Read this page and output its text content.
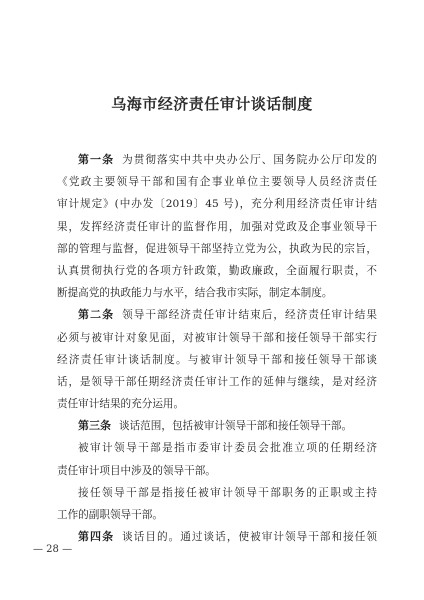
乌海市经济责任审计谈话制度
第一条 为贯彻落实中共中央办公厅、国务院办公厅印发的
《党政主要领导干部和国有企事业单位主要领导人员经济责任
审计规定》(中办发〔2019〕45 号)，充分利用经济责任审计结
果，发挥经济责任审计的监督作用，加强对党政及企事业领导干
部的管理与监督，促进领导干部坚持立党为公，执政为民的宗旨，
认真贯彻执行党的各项方针政策，勤政廉政，全面履行职责，不
断提高党的执政能力与水平，结合我市实际，制定本制度。
第二条 领导干部经济责任审计结束后，经济责任审计结果
必须与被审计对象见面，对被审计领导干部和接任领导干部实行
经济责任审计谈话制度。与被审计领导干部和接任领导干部谈
话，是领导干部任期经济责任审计工作的延伸与继续，是对经济
责任审计结果的充分运用。
第三条 谈话范围，包括被审计领导干部和接任领导干部。
被审计领导干部是指市委审计委员会批准立项的任期经济
责任审计项目中涉及的领导干部。
接任领导干部是指接任被审计领导干部职务的正职或主持
工作的副职领导干部。
第四条 谈话目的。通过谈话，使被审计领导干部和接任领
— 28 —
